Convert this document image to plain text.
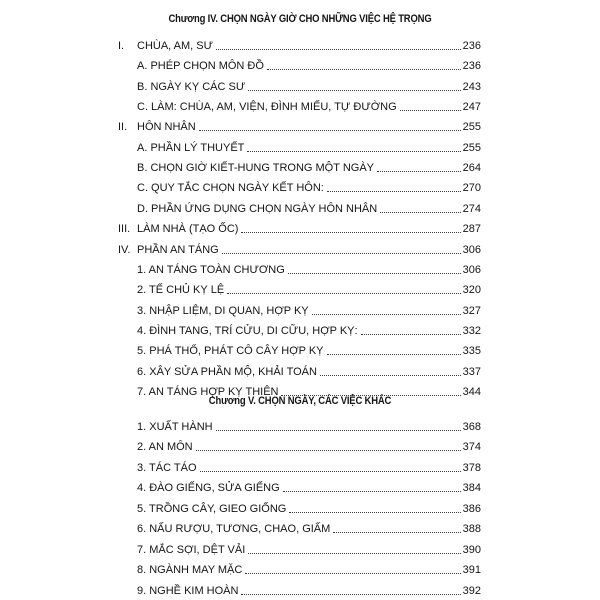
Chương IV. CHỌN NGÀY GIỜ CHO NHỮNG VIỆC HỆ TRỌNG
I.	CHÙA, AM, SƯ	236
A. PHÉP CHỌN MÔN ĐỒ	236
B. NGÀY KỴ CÁC SƯ	243
C. LÀM: CHÙA, AM, VIỆN, ĐÌNH MIẾU, TỰ ĐƯỜNG	247
II. HÔN NHÂN	255
A. PHẦN LÝ THUYẾT	255
B. CHỌN GIỜ KIẾT-HUNG TRONG MỘT NGÀY	264
C. QUY TẮC CHỌN NGÀY KẾT HÔN:	270
D. PHẦN ỨNG DỤNG CHỌN NGÀY HÔN NHÂN	274
III. LÀM NHÀ (TẠO ỐC)	287
IV. PHẦN AN TÁNG	306
1. AN TÁNG TOÀN CHƯƠNG	306
2. TẾ CHỦ KỴ LỆ	320
3. NHẬP LIỆM, DI QUAN, HỢP KỴ	327
4. ĐÌNH TANG, TRÍ CỬU, DI CỮU, HỢP KỴ:	332
5. PHÁ THỔ, PHÁT CÔ CÂY HỢP KỴ	335
6. XÂY SỬA PHẦN MỘ, KHẢI TOÁN	337
7. AN TÁNG HỢP KỴ THIÊN	344
1. XUẤT HÀNH	368
2. AN MÔN	374
3. TÁC TÁO	378
4. ĐÀO GIẾNG, SỬA GIẾNG	384
5. TRỒNG CÂY, GIEO GIỐNG	386
6. NẤU RƯỢU, TƯƠNG, CHAO, GIẤM	388
7. MẮC SỢI, DỆT VẢI	390
8. NGÀNH MAY MẶC	391
9. NGHỀ KIM HOÀN	392
Chương V. CHỌN NGÀY, CÁC VIỆC KHÁC
